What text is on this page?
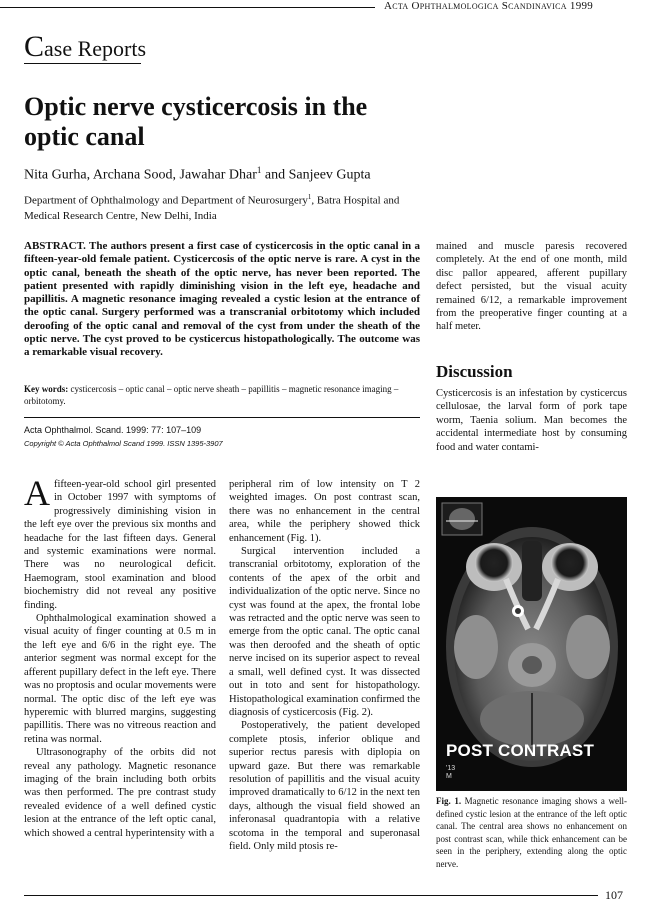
Acta Ophthalmologica Scandinavica 1999
Case Reports
Optic nerve cysticercosis in the optic canal
Nita Gurha, Archana Sood, Jawahar Dhar$^1$ and Sanjeev Gupta
Department of Ophthalmology and Department of Neurosurgery$^1$, Batra Hospital and Medical Research Centre, New Delhi, India
ABSTRACT. The authors present a first case of cysticercosis in the optic canal in a fifteen-year-old female patient. Cysticercosis of the optic nerve is rare. A cyst in the optic canal, beneath the sheath of the optic nerve, has never been reported. The patient presented with rapidly diminishing vision in the left eye, headache and papillitis. A magnetic resonance imaging revealed a cystic lesion at the entrance of the optic canal. Surgery performed was a transcranial orbitotomy which included deroofing of the optic canal and removal of the cyst from under the sheath of the optic nerve. The cyst proved to be cysticercus histopathologically. The outcome was a remarkable visual recovery.
Key words: cysticercosis – optic canal – optic nerve sheath – papillitis – magnetic resonance imaging – orbitotomy.
Acta Ophthalmol. Scand. 1999: 77: 107–109
Copyright © Acta Ophthalmol Scand 1999. ISSN 1395-3907

Afifteen-year-old school girl presented in October 1997 with symptoms of progressively diminishing vision in the left eye over the previous six months and headache for the last fifteen days. General and systemic examinations were normal. There was no neurological deficit. Haemogram, stool examination and blood biochemistry did not reveal any positive finding.

Ophthalmological examination showed a visual acuity of finger counting at 0.5 m in the left eye and 6/6 in the right eye. The anterior segment was normal except for the afferent pupillary defect in the left eye. There was no proptosis and ocular movements were normal. The optic disc of the left eye was hyperemic with blurred margins, suggesting papillitis. There was no vitreous reaction and retina was normal.

Ultrasonography of the orbits did not reveal any pathology. Magnetic resonance imaging of the brain including both orbits was then performed. The pre contrast study revealed evidence of a well defined cystic lesion at the entrance of the left optic canal, which showed a central hyperintensity with a

peripheral rim of low intensity on T 2 weighted images. On post contrast scan, there was no enhancement in the central area, while the periphery showed thick enhancement (Fig. 1).

Surgical intervention included a transcranial orbitotomy, exploration of the contents of the apex of the orbit and individualization of the optic nerve. Since no cyst was found at the apex, the frontal lobe was retracted and the optic nerve was seen to emerge from the optic canal. The optic canal was then deroofed and the sheath of optic nerve incised on its superior aspect to reveal a small, well defined cyst. It was dissected out in toto and sent for histopathology. Histopathological examination confirmed the diagnosis of cysticercosis (Fig. 2).

Postoperatively, the patient developed complete ptosis, inferior oblique and superior rectus paresis with diplopia on upward gaze. But there was remarkable resolution of papillitis and the visual acuity improved dramatically to 6/12 in the next ten days, although the visual field showed an inferonasal quadrantopia with a relative scotoma in the temporal and superonasal field. Only mild ptosis re-

mained and muscle paresis recovered completely. At the end of one month, mild disc pallor appeared, afferent pupillary defect persisted, but the visual acuity remained 6/12, a remarkable improvement from the preoperative finger counting at a half meter.

Discussion

Cysticercosis is an infestation by cysticercus cellulosae, the larval form of pork tape worm, Taenia solium. Man becomes the accidental intermediate host by consuming food and water contami-

POST CONTRAST
'13
M
Fig. 1. Magnetic resonance imaging shows a well-defined cystic lesion at the entrance of the left optic canal. The central area shows no enhancement on post contrast scan, while thick enhancement can be seen in the periphery, extending along the optic nerve.
107
